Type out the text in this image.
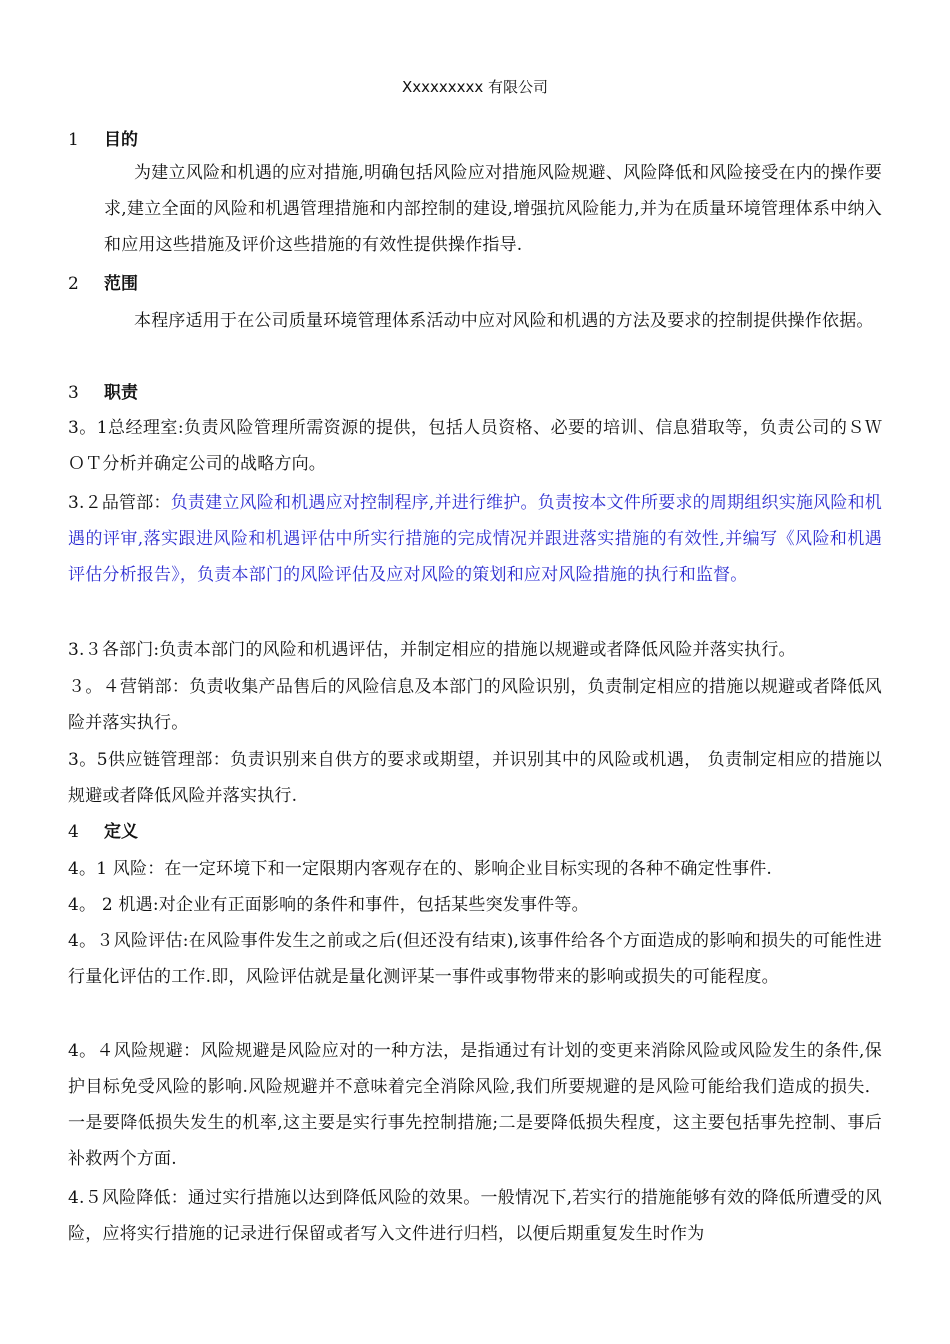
Xxxxxxxxx 有限公司
1 目的
为建立风险和机遇的应对措施,明确包括风险应对措施风险规避、风险降低和风险接受在内的操作要求,建立全面的风险和机遇管理措施和内部控制的建设,增强抗风险能力,并为在质量环境管理体系中纳入和应用这些措施及评价这些措施的有效性提供操作指导.
2 范围
本程序适用于在公司质量环境管理体系活动中应对风险和机遇的方法及要求的控制提供操作依据。
3 职责
3。1总经理室:负责风险管理所需资源的提供，包括人员资格、必要的培训、信息猎取等，负责公司的ＳＷＯＴ分析并确定公司的战略方向。
3.２品管部：负责建立风险和机遇应对控制程序,并进行维护。负责按本文件所要求的周期组织实施风险和机遇的评审,落实跟进风险和机遇评估中所实行措施的完成情况并跟进落实措施的有效性,并编写《风险和机遇评估分析报告》，负责本部门的风险评估及应对风险的策划和应对风险措施的执行和监督。
3.３各部门:负责本部门的风险和机遇评估，并制定相应的措施以规避或者降低风险并落实执行。
３。４营销部：负责收集产品售后的风险信息及本部门的风险识别，负责制定相应的措施以规避或者降低风险并落实执行。
3。5供应链管理部：负责识别来自供方的要求或期望，并识别其中的风险或机遇， 负责制定相应的措施以规避或者降低风险并落实执行.
4 定义
4。1 风险：在一定环境下和一定限期内客观存在的、影响企业目标实现的各种不确定性事件.
4。 2 机遇:对企业有正面影响的条件和事件，包括某些突发事件等。
4。３风险评估:在风险事件发生之前或之后(但还没有结束),该事件给各个方面造成的影响和损失的可能性进行量化评估的工作.即，风险评估就是量化测评某一事件或事物带来的影响或损失的可能程度。
4。４风险规避：风险规避是风险应对的一种方法，是指通过有计划的变更来消除风险或风险发生的条件,保护目标免受风险的影响.风险规避并不意味着完全消除风险,我们所要规避的是风险可能给我们造成的损失．一是要降低损失发生的机率,这主要是实行事先控制措施;二是要降低损失程度，这主要包括事先控制、事后补救两个方面.
4.５风险降低：通过实行措施以达到降低风险的效果。一般情况下,若实行的措施能够有效的降低所遭受的风险，应将实行措施的记录进行保留或者写入文件进行归档，以便后期重复发生时作为
